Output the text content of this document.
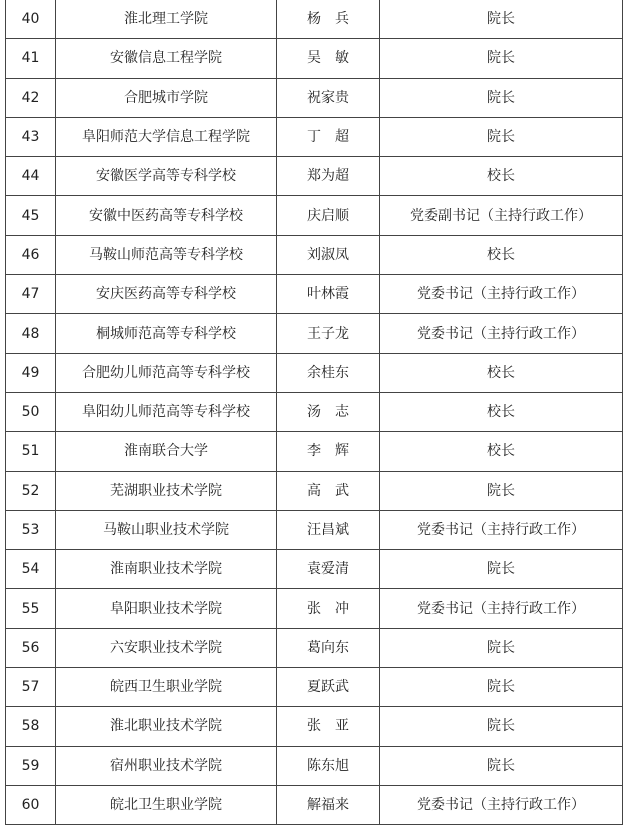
40	淮北理工学院	杨　兵	院长
41	安徽信息工程学院	吴　敏	院长
42	合肥城市学院	祝家贵	院长
43	阜阳师范大学信息工程学院	丁　超	院长
44	安徽医学高等专科学校	郑为超	校长
45	安徽中医药高等专科学校	庆启顺	党委副书记（主持行政工作）
46	马鞍山师范高等专科学校	刘淑凤	校长
47	安庆医药高等专科学校	叶林霞	党委书记（主持行政工作）
48	桐城师范高等专科学校	王子龙	党委书记（主持行政工作）
49	合肥幼儿师范高等专科学校	余桂东	校长
50	阜阳幼儿师范高等专科学校	汤　志	校长
51	淮南联合大学	李　辉	校长
52	芜湖职业技术学院	高　武	院长
53	马鞍山职业技术学院	汪昌斌	党委书记（主持行政工作）
54	淮南职业技术学院	袁爱清	院长
55	阜阳职业技术学院	张　冲	党委书记（主持行政工作）
56	六安职业技术学院	葛向东	院长
57	皖西卫生职业学院	夏跃武	院长
58	淮北职业技术学院	张　亚	院长
59	宿州职业技术学院	陈东旭	院长
60	皖北卫生职业学院	解福来	党委书记（主持行政工作）
